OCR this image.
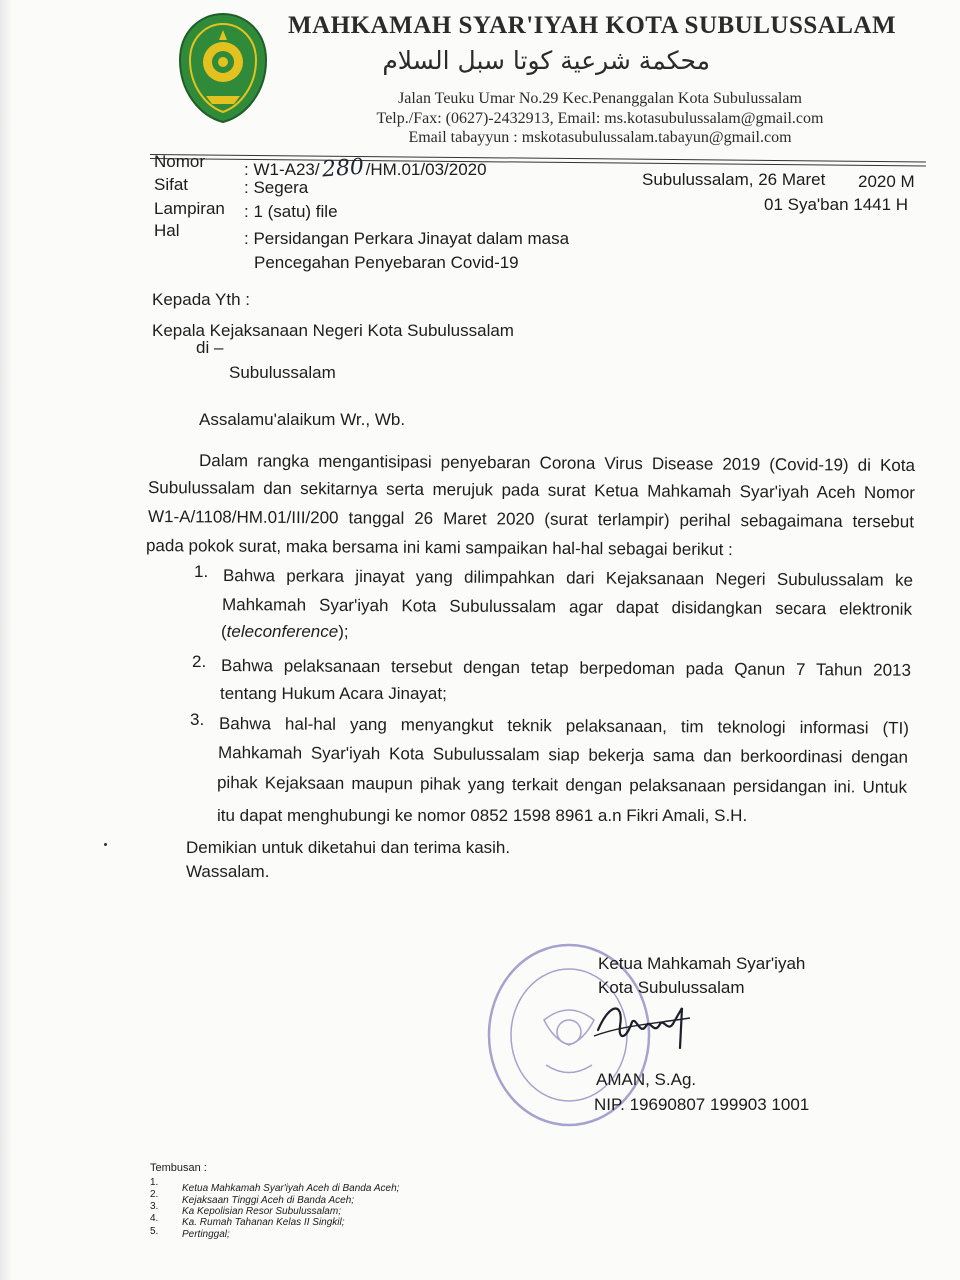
MAHKAMAH SYAR'IYAH KOTA SUBULUSSALAM
محكمة شرعية كوتا سبل السلام
Jalan Teuku Umar No.29 Kec.Penanggalan Kota Subulussalam
Telp./Fax: (0627)-2432913, Email: ms.kotasubulussalam@gmail.com
Email tabayyun : mskotasubulussalam.tabayun@gmail.com
Nomor : W1-A23/280/HM.01/03/2020
Sifat	: Segera
Lampiran : 1 (satu) file
Hal	: Persidangan Perkara Jinayat dalam masa
Pencegahan Penyebaran Covid-19
Subulussalam, 26 Maret 2020 M
01 Sya'ban 1441 H
Kepada Yth :
Kepala Kejaksanaan Negeri Kota Subulussalam
di –
Subulussalam
Assalamu'alaikum Wr., Wb.
Dalam rangka mengantisipasi penyebaran Corona Virus Disease 2019 (Covid-19) di Kota
Subulussalam dan sekitarnya serta merujuk pada surat Ketua Mahkamah Syar'iyah Aceh Nomor
W1-A/1108/HM.01/III/200 tanggal 26 Maret 2020 (surat terlampir) perihal sebagaimana tersebut
pada pokok surat, maka bersama ini kami sampaikan hal-hal sebagai berikut :
1. Bahwa perkara jinayat yang dilimpahkan dari Kejaksanaan Negeri Subulussalam ke
Mahkamah Syar'iyah Kota Subulussalam agar dapat disidangkan secara elektronik
(teleconference);
2. Bahwa pelaksanaan tersebut dengan tetap berpedoman pada Qanun 7 Tahun 2013
tentang Hukum Acara Jinayat;
3. Bahwa hal-hal yang menyangkut teknik pelaksanaan, tim teknologi informasi (TI)
Mahkamah Syar'iyah Kota Subulussalam siap bekerja sama dan berkoordinasi dengan
pihak Kejaksaan maupun pihak yang terkait dengan pelaksanaan persidangan ini. Untuk
itu dapat menghubungi ke nomor 0852 1598 8961 a.n Fikri Amali, S.H.
Demikian untuk diketahui dan terima kasih.
Wassalam.
Ketua Mahkamah Syar'iyah
Kota Subulussalam
AMAN, S.Ag.
NIP. 19690807 199903 1001
Tembusan :
1.
Ketua Mahkamah Syar'iyah Aceh di Banda Aceh;
2.
Kejaksaan Tinggi Aceh di Banda Aceh;
3. Ka Kepolisian Resor Subulussalam;
4. Ka. Rumah Tahanan Kelas II Singkil;
5. Pertinggal;
